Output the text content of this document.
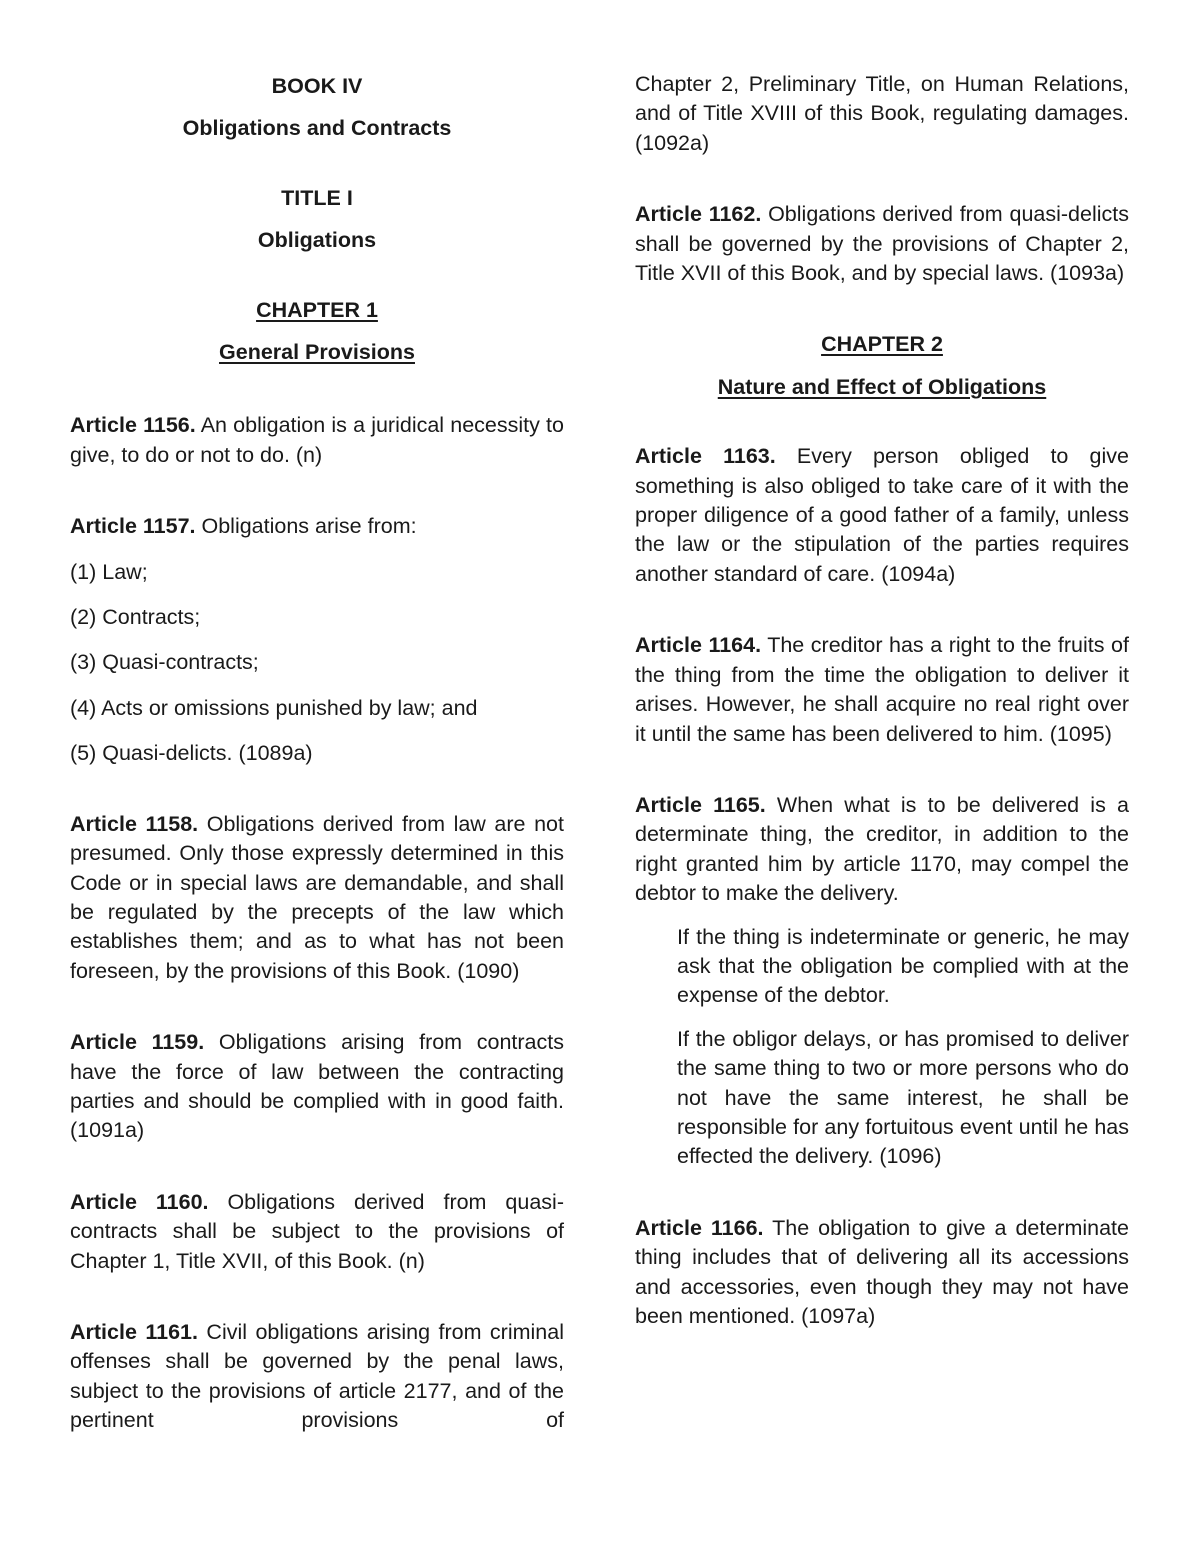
BOOK IV

Obligations and Contracts

TITLE I

Obligations

CHAPTER 1

General Provisions

Article 1156. An obligation is a juridical necessity to give, to do or not to do. (n)

Article 1157. Obligations arise from:

(1) Law;

(2) Contracts;

(3) Quasi-contracts;

(4) Acts or omissions punished by law; and

(5) Quasi-delicts. (1089a)

Article 1158. Obligations derived from law are not presumed. Only those expressly determined in this Code or in special laws are demandable, and shall be regulated by the precepts of the law which establishes them; and as to what has not been foreseen, by the provisions of this Book. (1090)

Article 1159. Obligations arising from contracts have the force of law between the contracting parties and should be complied with in good faith. (1091a)

Article 1160. Obligations derived from quasi-contracts shall be subject to the provisions of Chapter 1, Title XVII, of this Book. (n)

Article 1161. Civil obligations arising from criminal offenses shall be governed by the penal laws, subject to the provisions of article 2177, and of the pertinent provisions of

Chapter 2, Preliminary Title, on Human Relations, and of Title XVIII of this Book, regulating damages. (1092a)

Article 1162. Obligations derived from quasi-delicts shall be governed by the provisions of Chapter 2, Title XVII of this Book, and by special laws. (1093a)

CHAPTER 2

Nature and Effect of Obligations

Article 1163. Every person obliged to give something is also obliged to take care of it with the proper diligence of a good father of a family, unless the law or the stipulation of the parties requires another standard of care. (1094a)

Article 1164. The creditor has a right to the fruits of the thing from the time the obligation to deliver it arises. However, he shall acquire no real right over it until the same has been delivered to him. (1095)

Article 1165. When what is to be delivered is a determinate thing, the creditor, in addition to the right granted him by article 1170, may compel the debtor to make the delivery.

If the thing is indeterminate or generic, he may ask that the obligation be complied with at the expense of the debtor.

If the obligor delays, or has promised to deliver the same thing to two or more persons who do not have the same interest, he shall be responsible for any fortuitous event until he has effected the delivery. (1096)

Article 1166. The obligation to give a determinate thing includes that of delivering all its accessions and accessories, even though they may not have been mentioned. (1097a)
